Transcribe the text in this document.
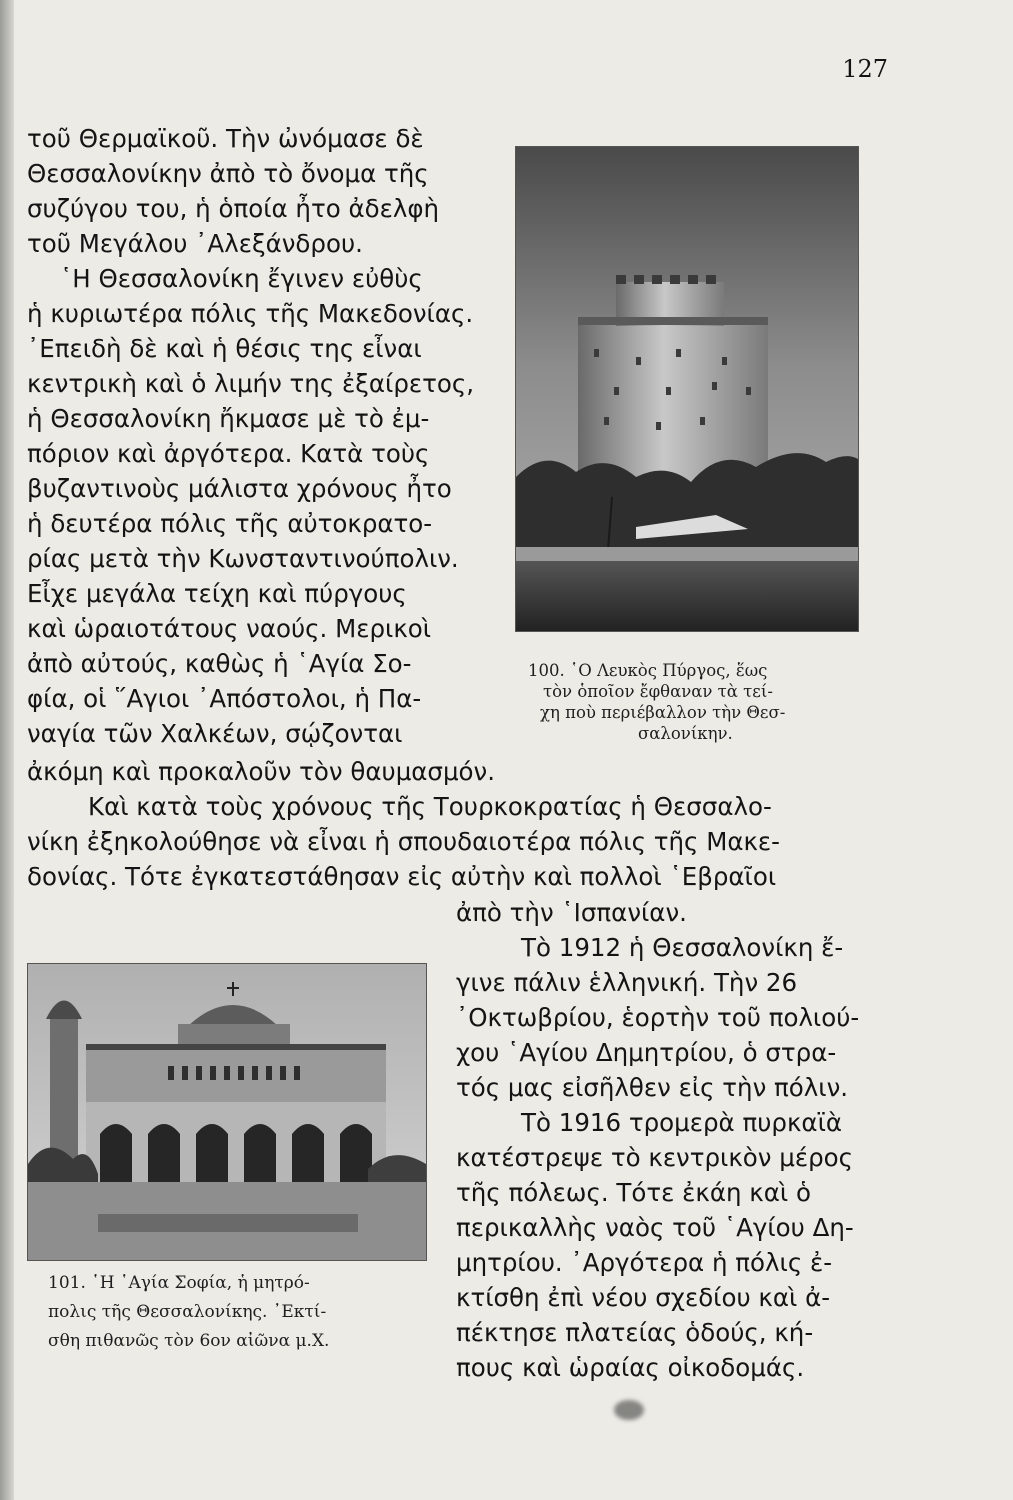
127
τοῦ Θερμαϊκοῦ. Τὴν ὠνόμασε δὲ
Θεσσαλονίκην ἀπὸ τὸ ὄνομα τῆς
συζύγου του, ἡ ὁποία ἦτο ἀδελφὴ
τοῦ Μεγάλου ᾿Αλεξάνδρου.
῾Η Θεσσαλονίκη ἔγινεν εὐθὺς
ἡ κυριωτέρα πόλις τῆς Μακεδονίας.
᾿Επειδὴ δὲ καὶ ἡ θέσις της εἶναι
κεντρικὴ καὶ ὁ λιμήν της ἐξαίρετος,
ἡ Θεσσαλονίκη ἤκμασε μὲ τὸ ἐμ-
πόριον καὶ ἀργότερα. Κατὰ τοὺς
βυζαντινοὺς μάλιστα χρόνους ἦτο
ἡ δευτέρα πόλις τῆς αὐτοκρατο-
ρίας μετὰ τὴν Κωνσταντινούπολιν.
Εἶχε μεγάλα τείχη καὶ πύργους
καὶ ὡραιοτάτους ναούς. Μερικοὶ
ἀπὸ αὐτούς, καθὼς ἡ ῾Αγία Σο-
φία, οἱ ῞Αγιοι ᾿Απόστολοι, ἡ Πα-
ναγία τῶν Χαλκέων, σῴζονται
100. ῾Ο Λευκὸς Πύργος, ἕως
τὸν ὁποῖον ἔφθαναν τὰ τεί-
χη ποὺ περιέβαλλον τὴν Θεσ-
σαλονίκην.
ἀκόμη καὶ προκαλοῦν τὸν θαυμασμόν.
Καὶ κατὰ τοὺς χρόνους τῆς Τουρκοκρατίας ἡ Θεσσαλο-
νίκη ἐξηκολούθησε νὰ εἶναι ἡ σπουδαιοτέρα πόλις τῆς Μακε-
δονίας. Τότε ἐγκατεστάθησαν εἰς αὐτὴν καὶ πολλοὶ ῾Εβραῖοι
ἀπὸ τὴν ῾Ισπανίαν.
Τὸ 1912 ἡ Θεσσαλονίκη ἔ-
γινε πάλιν ἑλληνική. Τὴν 26
᾿Οκτωβρίου, ἑορτὴν τοῦ πολιού-
χου ῾Αγίου Δημητρίου, ὁ στρα-
τός μας εἰσῆλθεν εἰς τὴν πόλιν.
Τὸ 1916 τρομερὰ πυρκαϊὰ
κατέστρεψε τὸ κεντρικὸν μέρος
τῆς πόλεως. Τότε ἐκάη καὶ ὁ
περικαλλὴς ναὸς τοῦ ῾Αγίου Δη-
μητρίου. ᾿Αργότερα ἡ πόλις ἐ-
κτίσθη ἐπὶ νέου σχεδίου καὶ ἀ-
πέκτησε πλατείας ὁδούς, κή-
πους καὶ ὡραίας οἰκοδομάς.
101. ῾Η ῾Αγία Σοφία, ἡ μητρό-
πολις τῆς Θεσσαλονίκης. ᾿Εκτί-
σθη πιθανῶς τὸν 6ον αἰῶνα μ.Χ.
